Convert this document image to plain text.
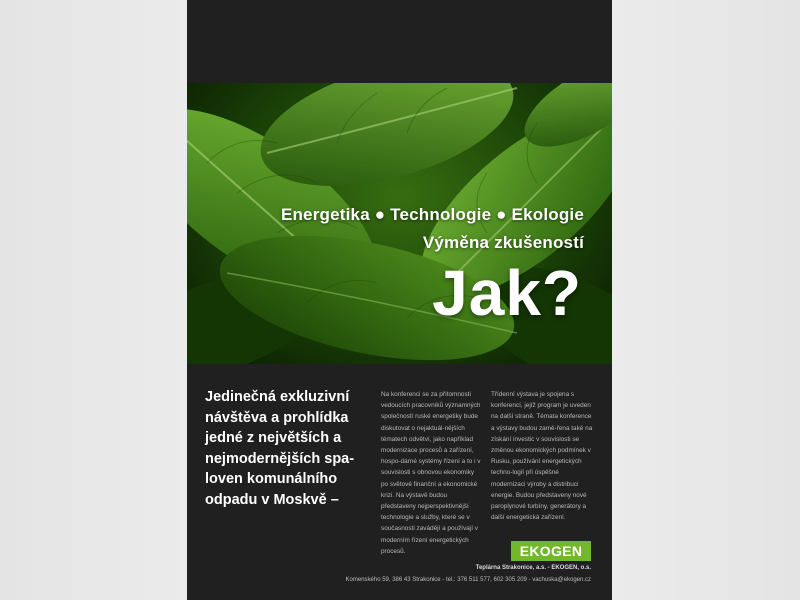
Energetika ● Technologie ● Ekologie
Výměna zkušeností
Jak?
Jedinečná exkluzivní návštěva a prohlídka jedné z největších a nejmodernějších spa-loven komunálního odpadu v Moskvě –
Na konferenci se za přítomnosti vedoucích pracovníků významných společností ruské energetiky bude diskutovat o nejaktuál-nějších tématech odvětví, jako například modernizace procesů a zařízení, hospo-dárné systémy řízení a to i v souvislosti s obnovou ekonomiky po světové finanční a ekonomické krizi. Na výstavě budou představeny nejperspektivnější technologie a služby, které se v současnosti zavádějí a používají v moderním řízení energetických procesů.
Třídenní výstava je spojena s konferencí, jejíž program je uveden na další straně. Témata konference a výstavy budou zamě-řena také na získání investic v souvislosti se změnou ekonomických podmínek v Rusku, používání energetických techno-logií při úspěšné modernizaci výroby a distribuci energie. Budou představeny nové paroplynové turbíny, generátory a další energetická zařízení.
EKOGEN
Teplárna Strakonice, a.s. - EKOGEN, o.s.
Komenského 59, 386 43 Strakonice - tel.: 376 511 577, 602 305 209 - vachuska@ekogen.cz
